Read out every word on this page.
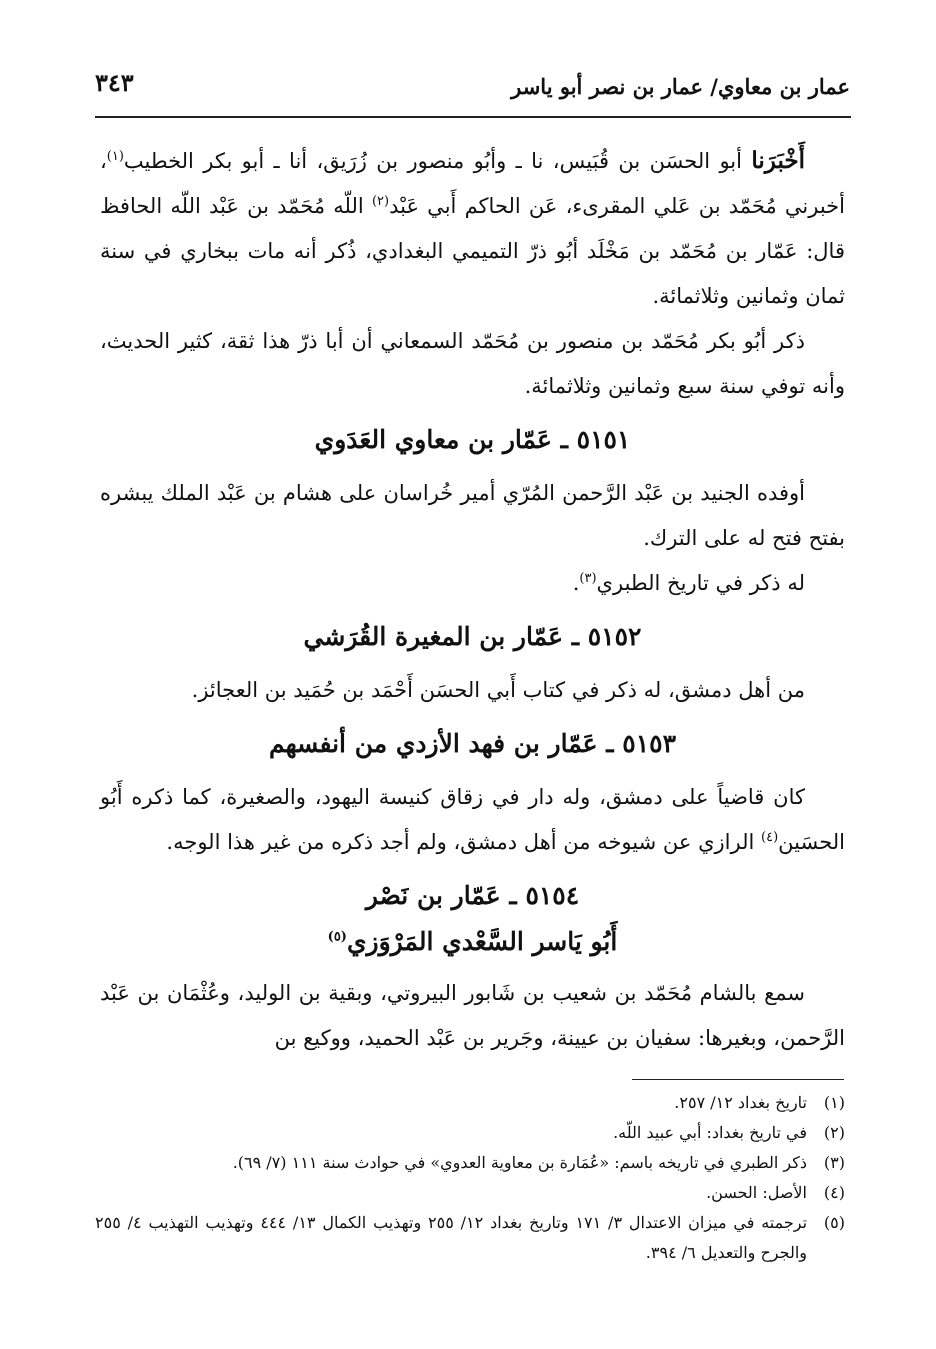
عمار بن معاوي/ عمار بن نصر أبو ياسر
٣٤٣

أَخْبَرَنا أبو الحسَن بن قُبَيس، نا ـ وأبُو منصور بن زُرَيق، أنا ـ أبو بكر الخطيب$^{(١)}$، أخبرني مُحَمّد بن عَلي المقرىء، عَن الحاكم أَبي عَبْد$^{(٢)}$ اللّه مُحَمّد بن عَبْد اللّه الحافظ قال: عَمّار بن مُحَمّد بن مَخْلَد أبُو ذرّ التميمي البغدادي، ذُكر أنه مات ببخاري في سنة ثمان وثمانين وثلاثمائة.

ذكر أبُو بكر مُحَمّد بن منصور بن مُحَمّد السمعاني أن أبا ذرّ هذا ثقة، كثير الحديث، وأنه توفي سنة سبع وثمانين وثلاثمائة.

٥١٥١ ـ عَمّار بن معاوي العَدَوي

أوفده الجنيد بن عَبْد الرَّحمن المُرّي أمير خُراسان على هشام بن عَبْد الملك يبشره بفتح فتح له على الترك.

له ذكر في تاريخ الطبري$^{(٣)}$.

٥١٥٢ ـ عَمّار بن المغيرة القُرَشي

من أهل دمشق، له ذكر في كتاب أَبي الحسَن أَحْمَد بن حُمَيد بن العجائز.

٥١٥٣ ـ عَمّار بن فهد الأزدي من أنفسهم

كان قاضياً على دمشق، وله دار في زقاق كنيسة اليهود، والصغيرة، كما ذكره أَبُو الحسَين$^{(٤)}$ الرازي عن شيوخه من أهل دمشق، ولم أجد ذكره من غير هذا الوجه.

٥١٥٤ ـ عَمّار بن نَصْر
أَبُو يَاسر السَّعْدي المَرْوَزي$^{(٥)}$

سمع بالشام مُحَمّد بن شعيب بن شَابور البيروتي، وبقية بن الوليد، وعُثْمَان بن عَبْد الرَّحمن، وبغيرها: سفيان بن عيينة، وجَرير بن عَبْد الحميد، ووكيع بن

(١)
تاريخ بغداد ١٢/ ٢٥٧.
(٢)
في تاريخ بغداد: أبي عبيد اللّه.
(٣)
ذكر الطبري في تاريخه باسم: «عُمَارة بن معاوية العدوي» في حوادث سنة ١١١ (٧/ ٦٩).
(٤)
الأصل: الحسن.
(٥)
ترجمته في ميزان الاعتدال ٣/ ١٧١ وتاريخ بغداد ١٢/ ٢٥٥ وتهذيب الكمال ١٣/ ٤٤٤ وتهذيب التهذيب ٤/ ٢٥٥ والجرح والتعديل ٦/ ٣٩٤.
